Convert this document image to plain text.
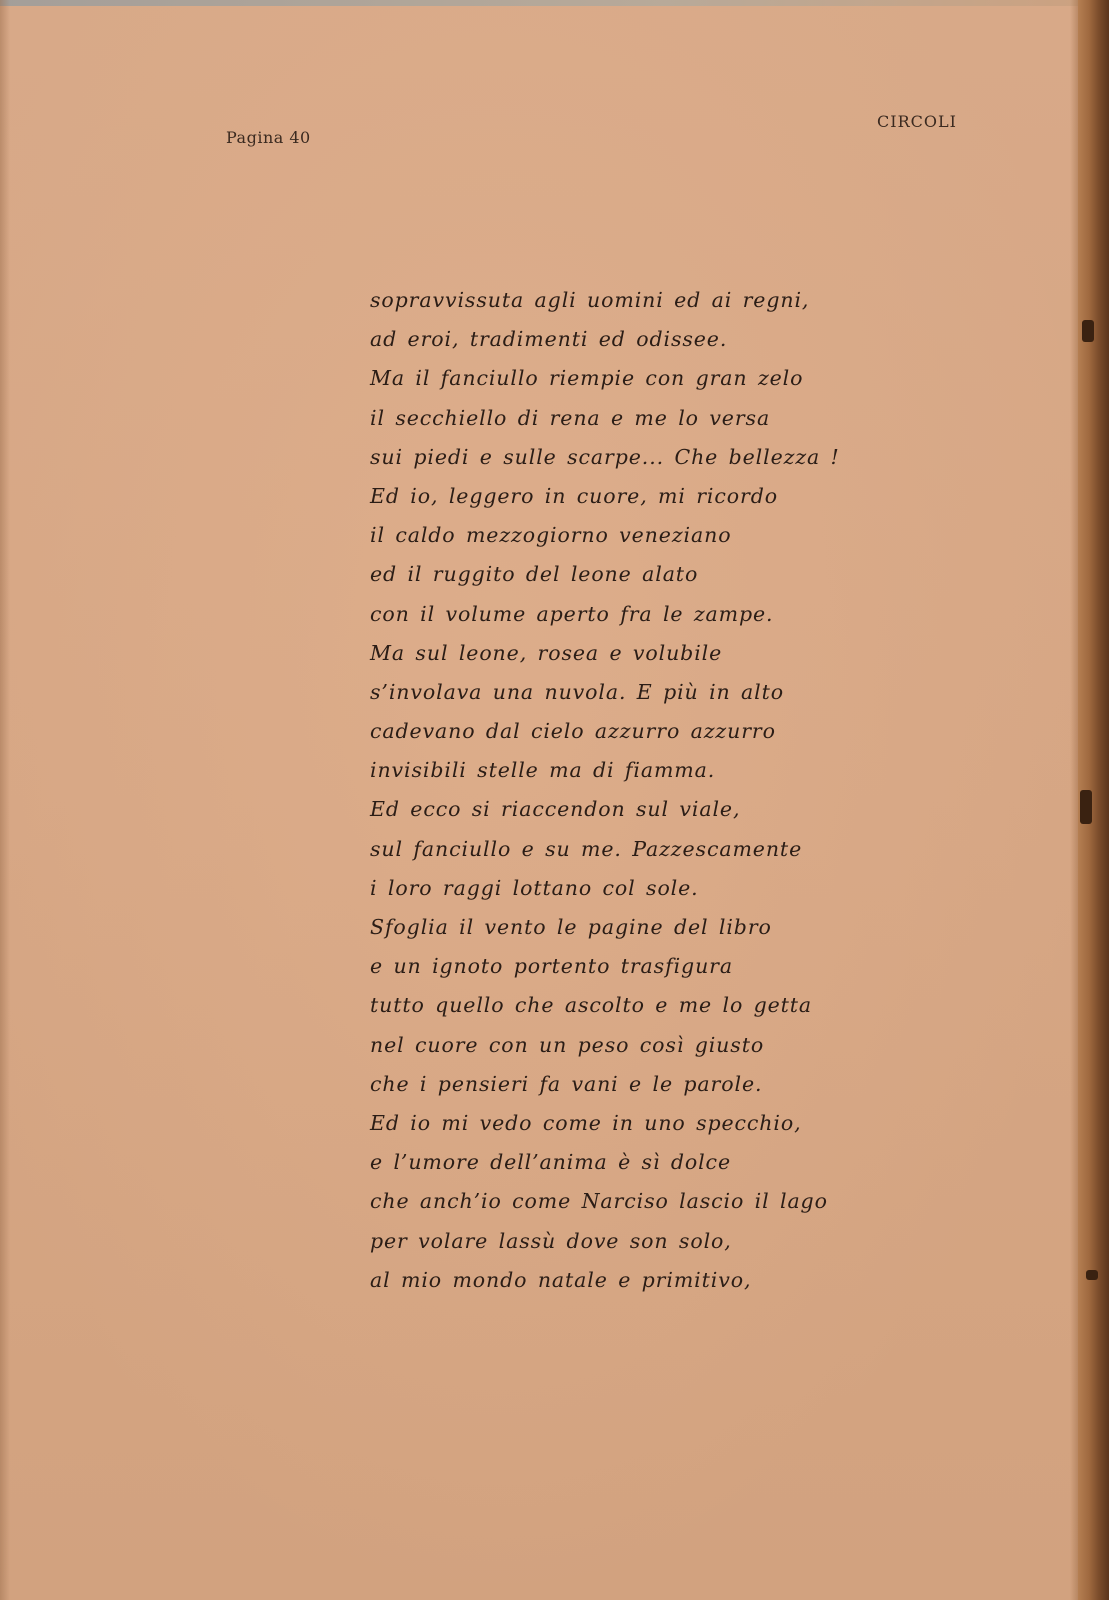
Pagina 40
CIRCOLI
sopravvissuta agli uomini ed ai regni,
ad eroi, tradimenti ed odissee.
Ma il fanciullo riempie con gran zelo
il secchiello di rena e me lo versa
sui piedi e sulle scarpe... Che bellezza !
Ed io, leggero in cuore, mi ricordo
il caldo mezzogiorno veneziano
ed il ruggito del leone alato
con il volume aperto fra le zampe.
Ma sul leone, rosea e volubile
s’involava una nuvola. E più in alto
cadevano dal cielo azzurro azzurro
invisibili stelle ma di fiamma.
Ed ecco si riaccendon sul viale,
sul fanciullo e su me. Pazzescamente
i loro raggi lottano col sole.
Sfoglia il vento le pagine del libro
e un ignoto portento trasfigura
tutto quello che ascolto e me lo getta
nel cuore con un peso così giusto
che i pensieri fa vani e le parole.
Ed io mi vedo come in uno specchio,
e l’umore dell’anima è sì dolce
che anch’io come Narciso lascio il lago
per volare lassù dove son solo,
al mio mondo natale e primitivo,
